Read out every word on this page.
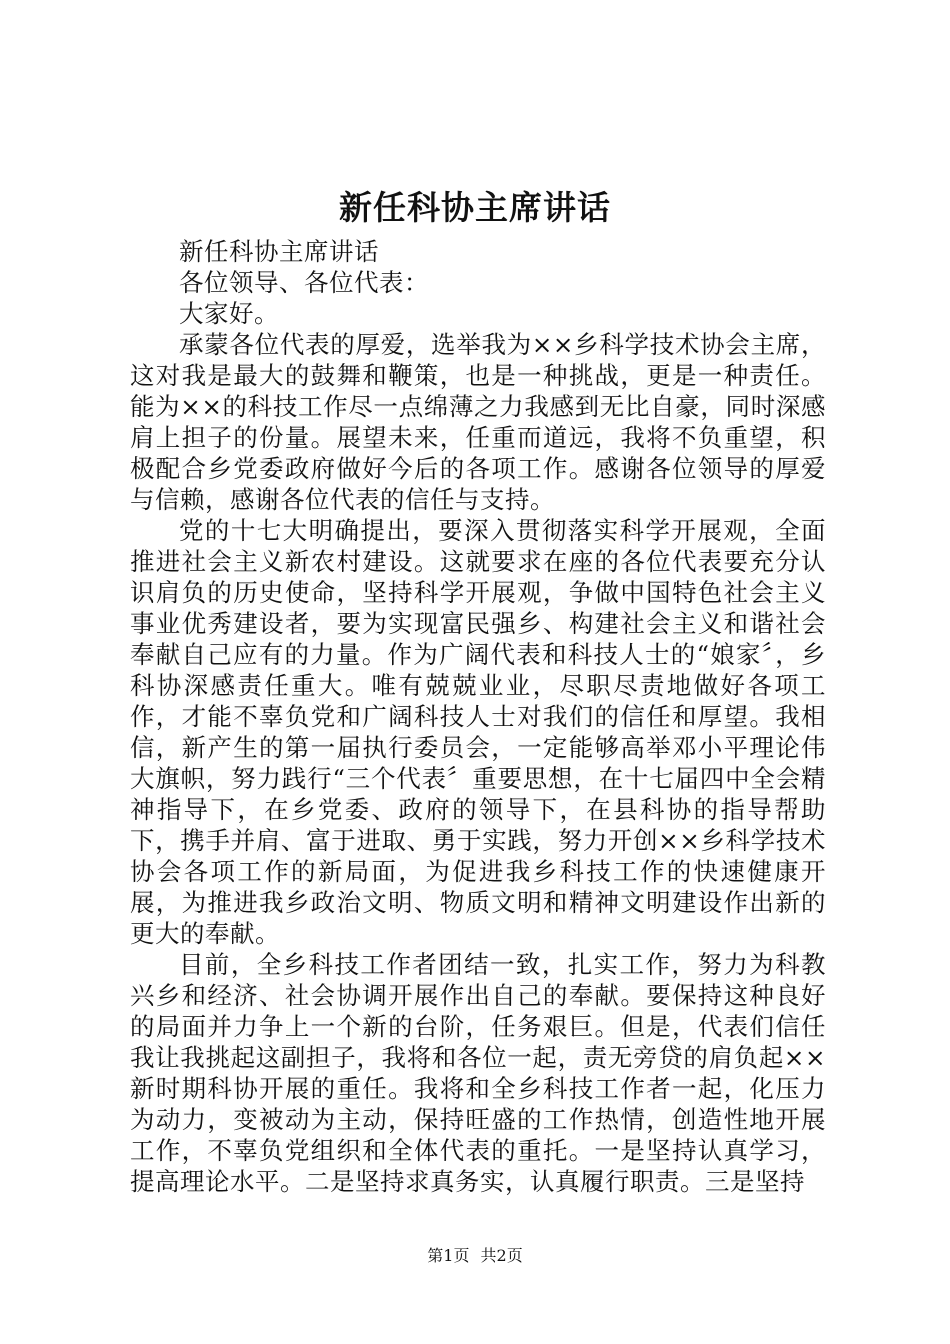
新任科协主席讲话

新任科协主席讲话

各位领导、各位代表：

大家好。

承蒙各位代表的厚爱，选举我为××乡科学技术协会主席，这对我是最大的鼓舞和鞭策，也是一种挑战，更是一种责任。能为××的科技工作尽一点绵薄之力我感到无比自豪，同时深感肩上担子的份量。展望未来，任重而道远，我将不负重望，积极配合乡党委政府做好今后的各项工作。感谢各位领导的厚爱与信赖，感谢各位代表的信任与支持。

党的十七大明确提出，要深入贯彻落实科学开展观，全面推进社会主义新农村建设。这就要求在座的各位代表要充分认识肩负的历史使命，坚持科学开展观，争做中国特色社会主义事业优秀建设者，要为实现富民强乡、构建社会主义和谐社会奉献自己应有的力量。作为广阔代表和科技人士的“娘家〞，乡科协深感责任重大。唯有兢兢业业，尽职尽责地做好各项工作，才能不辜负党和广阔科技人士对我们的信任和厚望。我相信，新产生的第一届执行委员会，一定能够高举邓小平理论伟大旗帜，努力践行“三个代表〞重要思想，在十七届四中全会精神指导下，在乡党委、政府的领导下，在县科协的指导帮助下，携手并肩、富于进取、勇于实践，努力开创××乡科学技术协会各项工作的新局面，为促进我乡科技工作的快速健康开展，为推进我乡政治文明、物质文明和精神文明建设作出新的更大的奉献。

目前，全乡科技工作者团结一致，扎实工作，努力为科教兴乡和经济、社会协调开展作出自己的奉献。要保持这种良好的局面并力争上一个新的台阶，任务艰巨。但是，代表们信任我让我挑起这副担子，我将和各位一起，责无旁贷的肩负起××新时期科协开展的重任。我将和全乡科技工作者一起，化压力为动力，变被动为主动，保持旺盛的工作热情，创造性地开展工作，不辜负党组织和全体代表的重托。一是坚持认真学习，提高理论水平。二是坚持求真务实，认真履行职责。三是坚持

第1页 共2页
